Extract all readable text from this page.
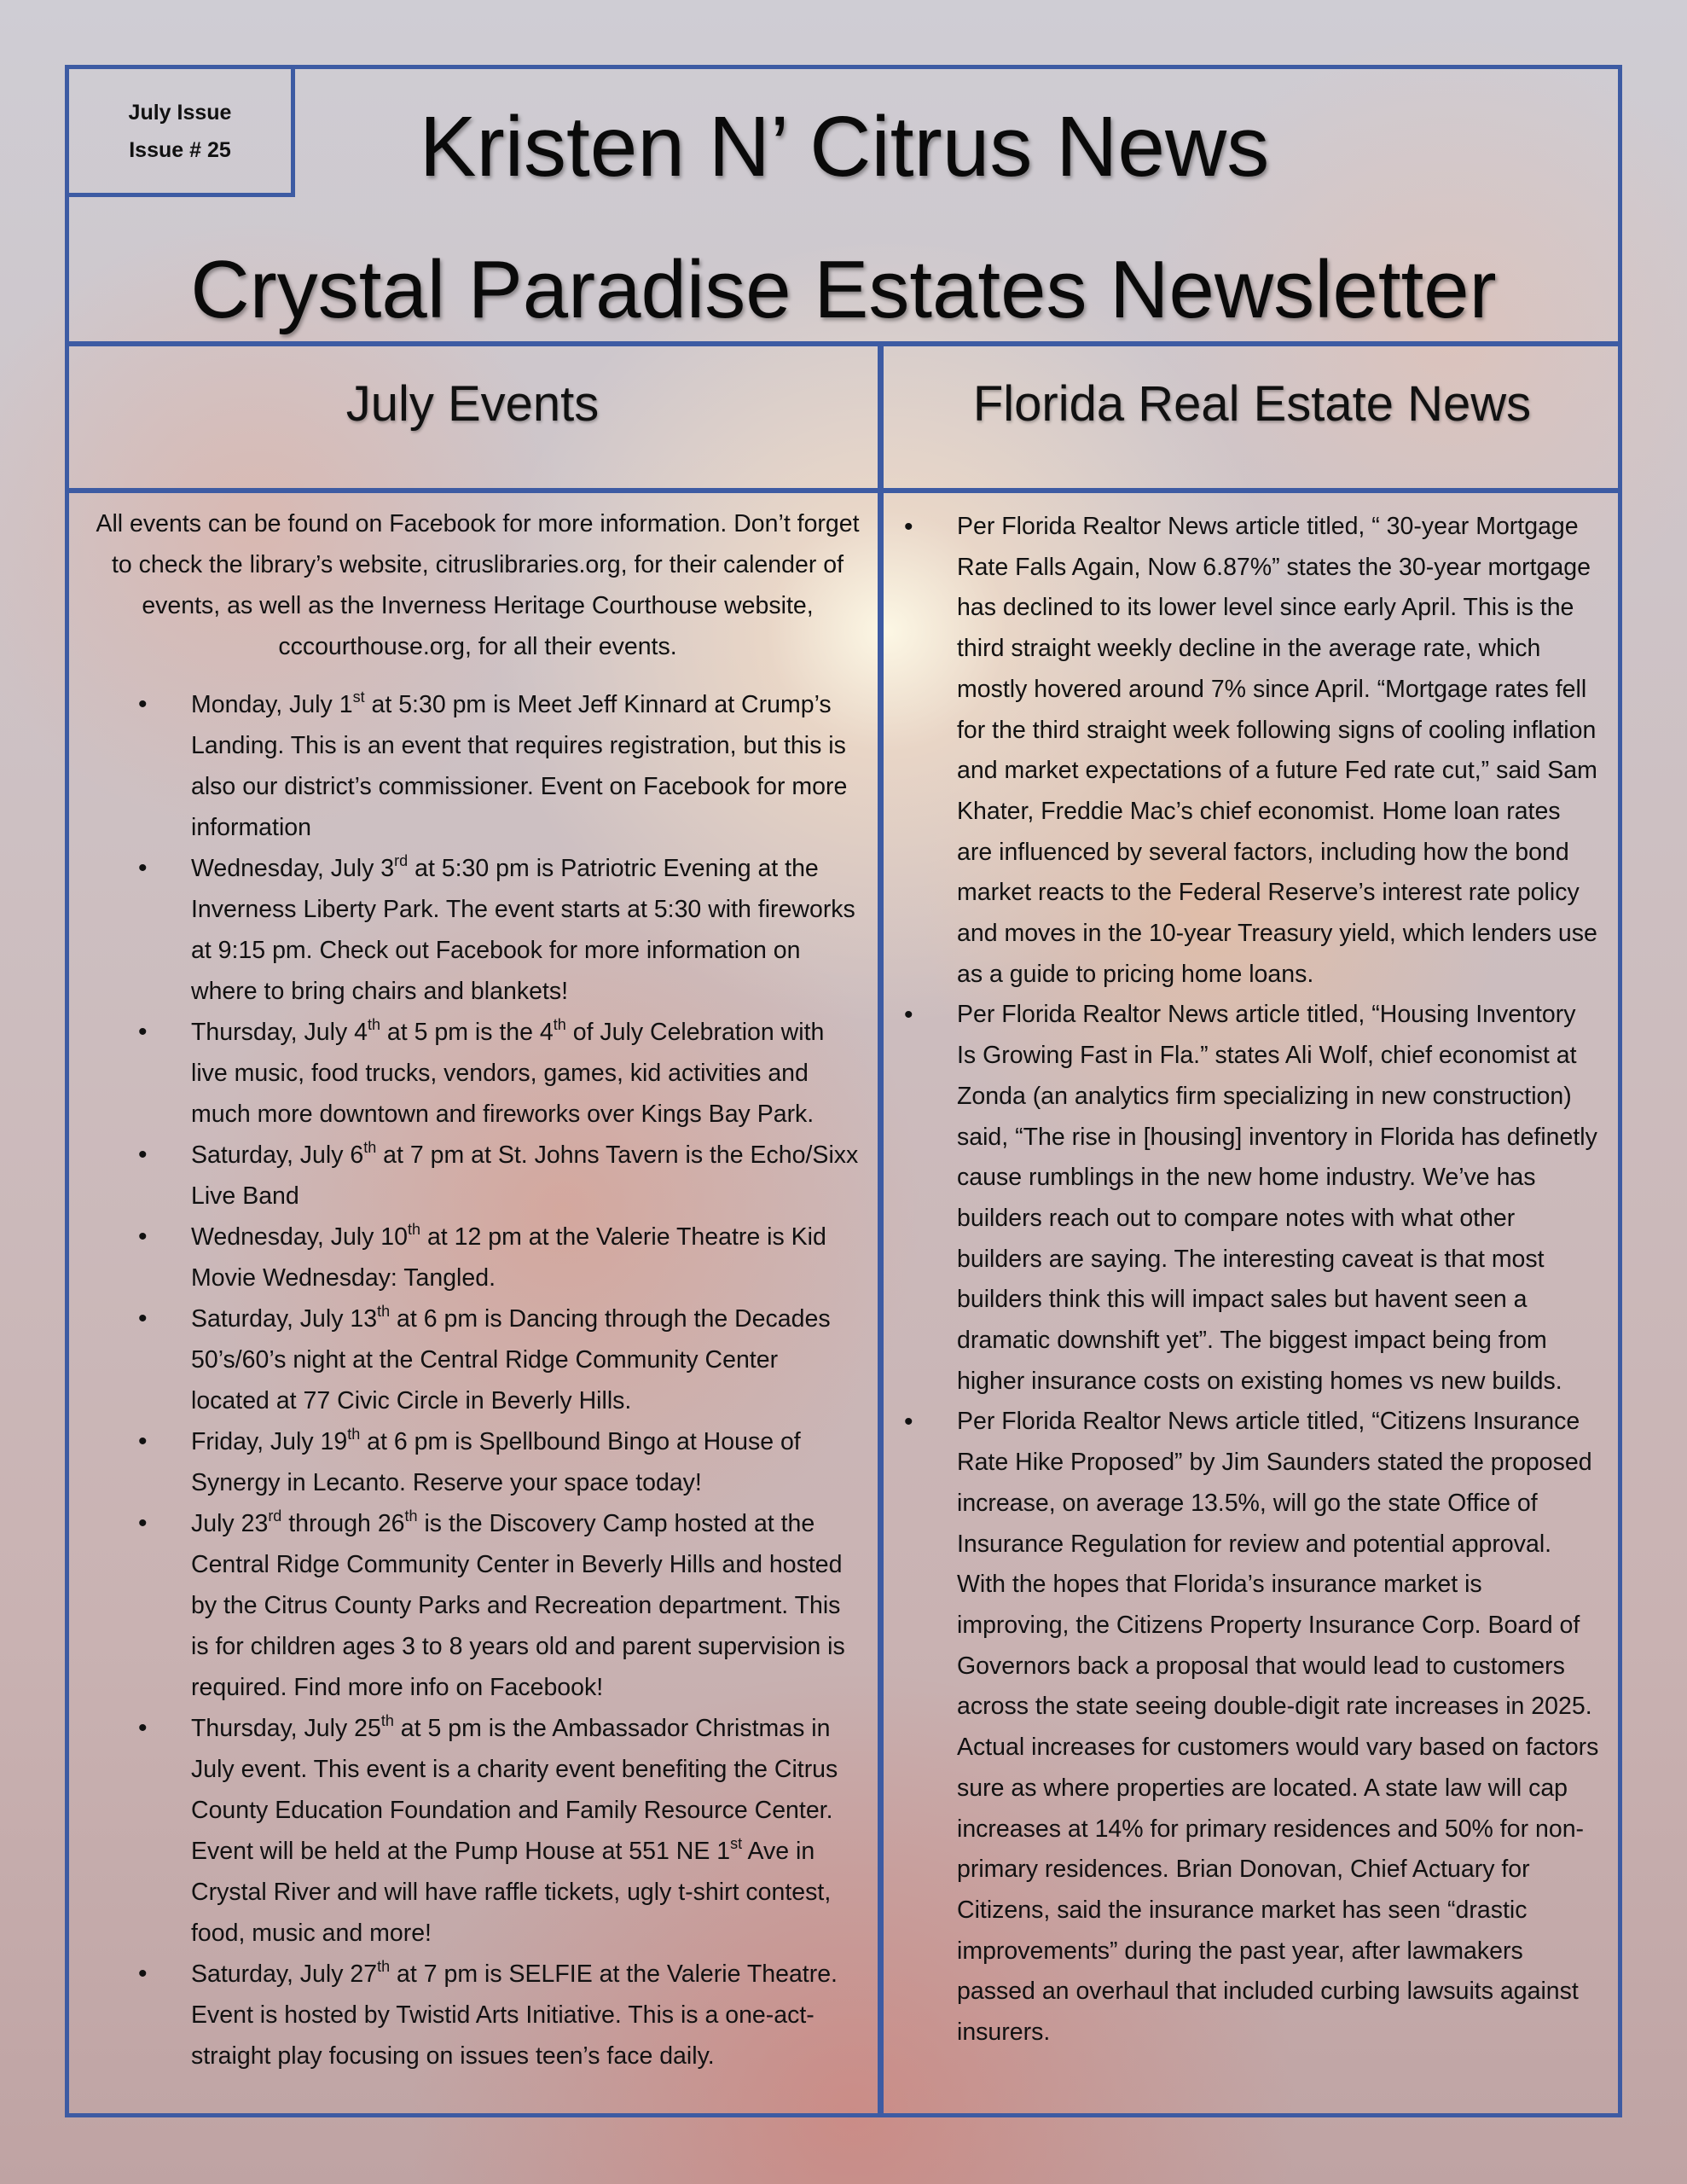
July Issue
Issue # 25	Kristen N’ Citrus News
Crystal Paradise Estates Newsletter
July Events	Florida Real Estate News

All events can be found on Facebook for more information. Don’t forget to check the library’s website, citruslibraries.org, for their calender of events, as well as the Inverness Heritage Courthouse website, cccourthouse.org, for all their events.

• Monday, July 1st at 5:30 pm is Meet Jeff Kinnard at Crump’s Landing. This is an event that requires registration, but this is also our district’s commissioner. Event on Facebook for more information
• Wednesday, July 3rd at 5:30 pm is Patriotric Evening at the Inverness Liberty Park. The event starts at 5:30 with fireworks at 9:15 pm. Check out Facebook for more information on where to bring chairs and blankets!
• Thursday, July 4th at 5 pm is the 4th of July Celebration with live music, food trucks, vendors, games, kid activities and much more downtown and fireworks over Kings Bay Park.
• Saturday, July 6th at 7 pm at St. Johns Tavern is the Echo/Sixx Live Band
• Wednesday, July 10th at 12 pm at the Valerie Theatre is Kid Movie Wednesday: Tangled.
• Saturday, July 13th at 6 pm is Dancing through the Decades 50’s/60’s night at the Central Ridge Community Center located at 77 Civic Circle in Beverly Hills.
• Friday, July 19th at 6 pm is Spellbound Bingo at House of Synergy in Lecanto. Reserve your space today!
• July 23rd through 26th is the Discovery Camp hosted at the Central Ridge Community Center in Beverly Hills and hosted by the Citrus County Parks and Recreation department. This is for children ages 3 to 8 years old and parent supervision is required. Find more info on Facebook!
• Thursday, July 25th at 5 pm is the Ambassador Christmas in July event. This event is a charity event benefiting the Citrus County Education Foundation and Family Resource Center. Event will be held at the Pump House at 551 NE 1st Ave in Crystal River and will have raffle tickets, ugly t-shirt contest, food, music and more!
• Saturday, July 27th at 7 pm is SELFIE at the Valerie Theatre. Event is hosted by Twistid Arts Initiative. This is a one-act-straight play focusing on issues teen’s face daily.
• Per Florida Realtor News article titled, “ 30-year Mortgage Rate Falls Again, Now 6.87%” states the 30-year mortgage has declined to its lower level since early April. This is the third straight weekly decline in the average rate, which mostly hovered around 7% since April. “Mortgage rates fell for the third straight week following signs of cooling inflation and market expectations of a future Fed rate cut,” said Sam Khater, Freddie Mac’s chief economist. Home loan rates are influenced by several factors, including how the bond market reacts to the Federal Reserve’s interest rate policy and moves in the 10-year Treasury yield, which lenders use as a guide to pricing home loans.
• Per Florida Realtor News article titled, “Housing Inventory Is Growing Fast in Fla.” states Ali Wolf, chief economist at Zonda (an analytics firm specializing in new construction) said, “The rise in [housing] inventory in Florida has definetly cause rumblings in the new home industry. We’ve has builders reach out to compare notes with what other builders are saying. The interesting caveat is that most builders think this will impact sales but havent seen a dramatic downshift yet”. The biggest impact being from higher insurance costs on existing homes vs new builds.
• Per Florida Realtor News article titled, “Citizens Insurance Rate Hike Proposed” by Jim Saunders stated the proposed increase, on average 13.5%, will go the state Office of Insurance Regulation for review and potential approval. With the hopes that Florida’s insurance market is improving, the Citizens Property Insurance Corp. Board of Governors back a proposal that would lead to customers across the state seeing double-digit rate increases in 2025. Actual increases for customers would vary based on factors sure as where properties are located. A state law will cap increases at 14% for primary residences and 50% for non-primary residences. Brian Donovan, Chief Actuary for Citizens, said the insurance market has seen “drastic improvements” during the past year, after lawmakers passed an overhaul that included curbing lawsuits against insurers.
